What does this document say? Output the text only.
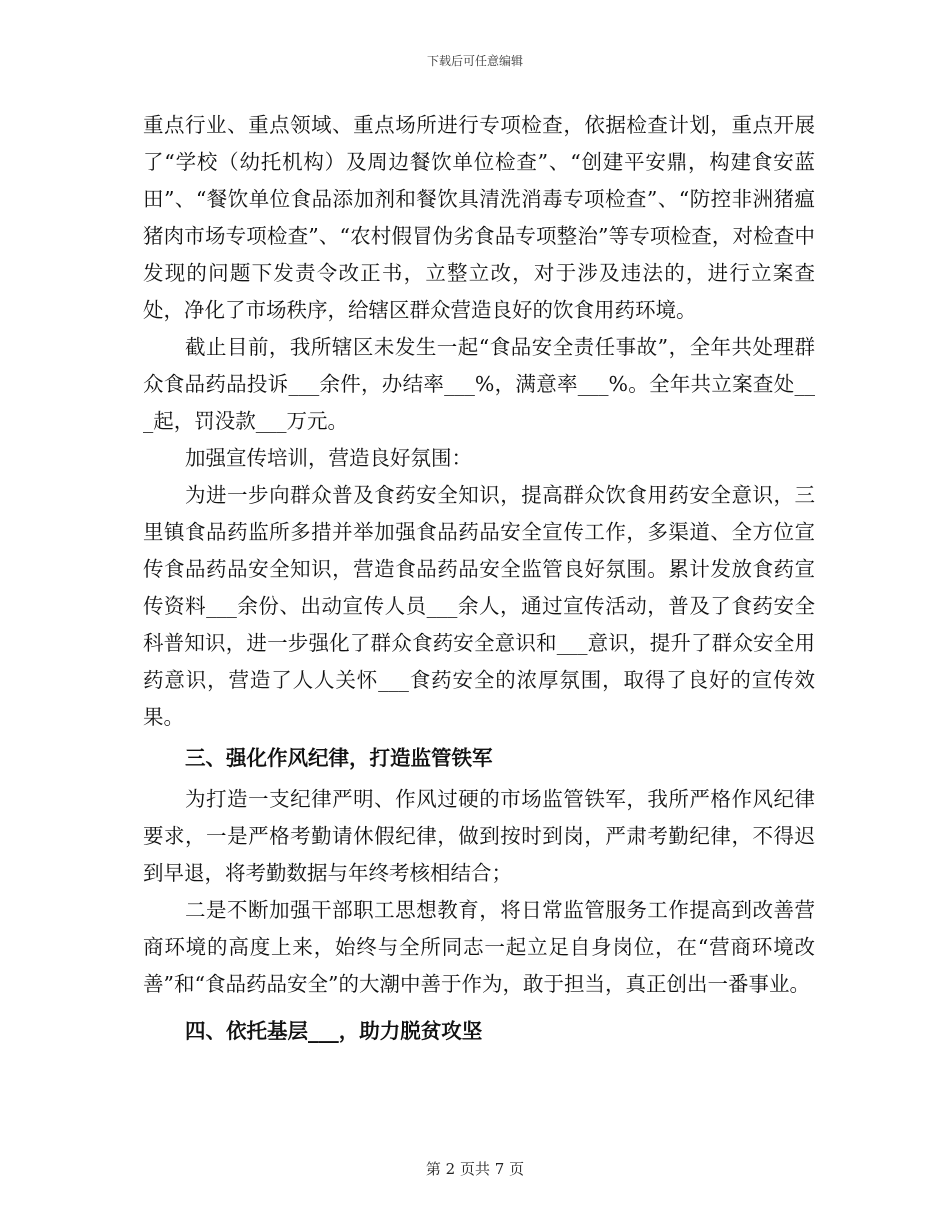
下载后可任意编辑

重点行业、重点领域、重点场所进行专项检查，依据检查计划，重点开展了“学校（幼托机构）及周边餐饮单位检查”、“创建平安鼎，构建食安蓝田”、“餐饮单位食品添加剂和餐饮具清洗消毒专项检查”、“防控非洲猪瘟猪肉市场专项检查”、“农村假冒伪劣食品专项整治”等专项检查，对检查中发现的问题下发责令改正书，立整立改，对于涉及违法的，进行立案查处，净化了市场秩序，给辖区群众营造良好的饮食用药环境。

截止目前，我所辖区未发生一起“食品安全责任事故”，全年共处理群众食品药品投诉___余件，办结率___%，满意率___%。全年共立案查处___起，罚没款___万元。

加强宣传培训，营造良好氛围：

为进一步向群众普及食药安全知识，提高群众饮食用药安全意识，三里镇食品药监所多措并举加强食品药品安全宣传工作，多渠道、全方位宣传食品药品安全知识，营造食品药品安全监管良好氛围。累计发放食药宣传资料___余份、出动宣传人员___余人，通过宣传活动，普及了食药安全科普知识，进一步强化了群众食药安全意识和___意识，提升了群众安全用药意识，营造了人人关怀___食药安全的浓厚氛围，取得了良好的宣传效果。

三、强化作风纪律，打造监管铁军

为打造一支纪律严明、作风过硬的市场监管铁军，我所严格作风纪律要求，一是严格考勤请休假纪律，做到按时到岗，严肃考勤纪律，不得迟到早退，将考勤数据与年终考核相结合；

二是不断加强干部职工思想教育，将日常监管服务工作提高到改善营商环境的高度上来，始终与全所同志一起立足自身岗位，在“营商环境改善”和“食品药品安全”的大潮中善于作为，敢于担当，真正创出一番事业。

四、依托基层___，助力脱贫攻坚

第 2 页共 7 页
